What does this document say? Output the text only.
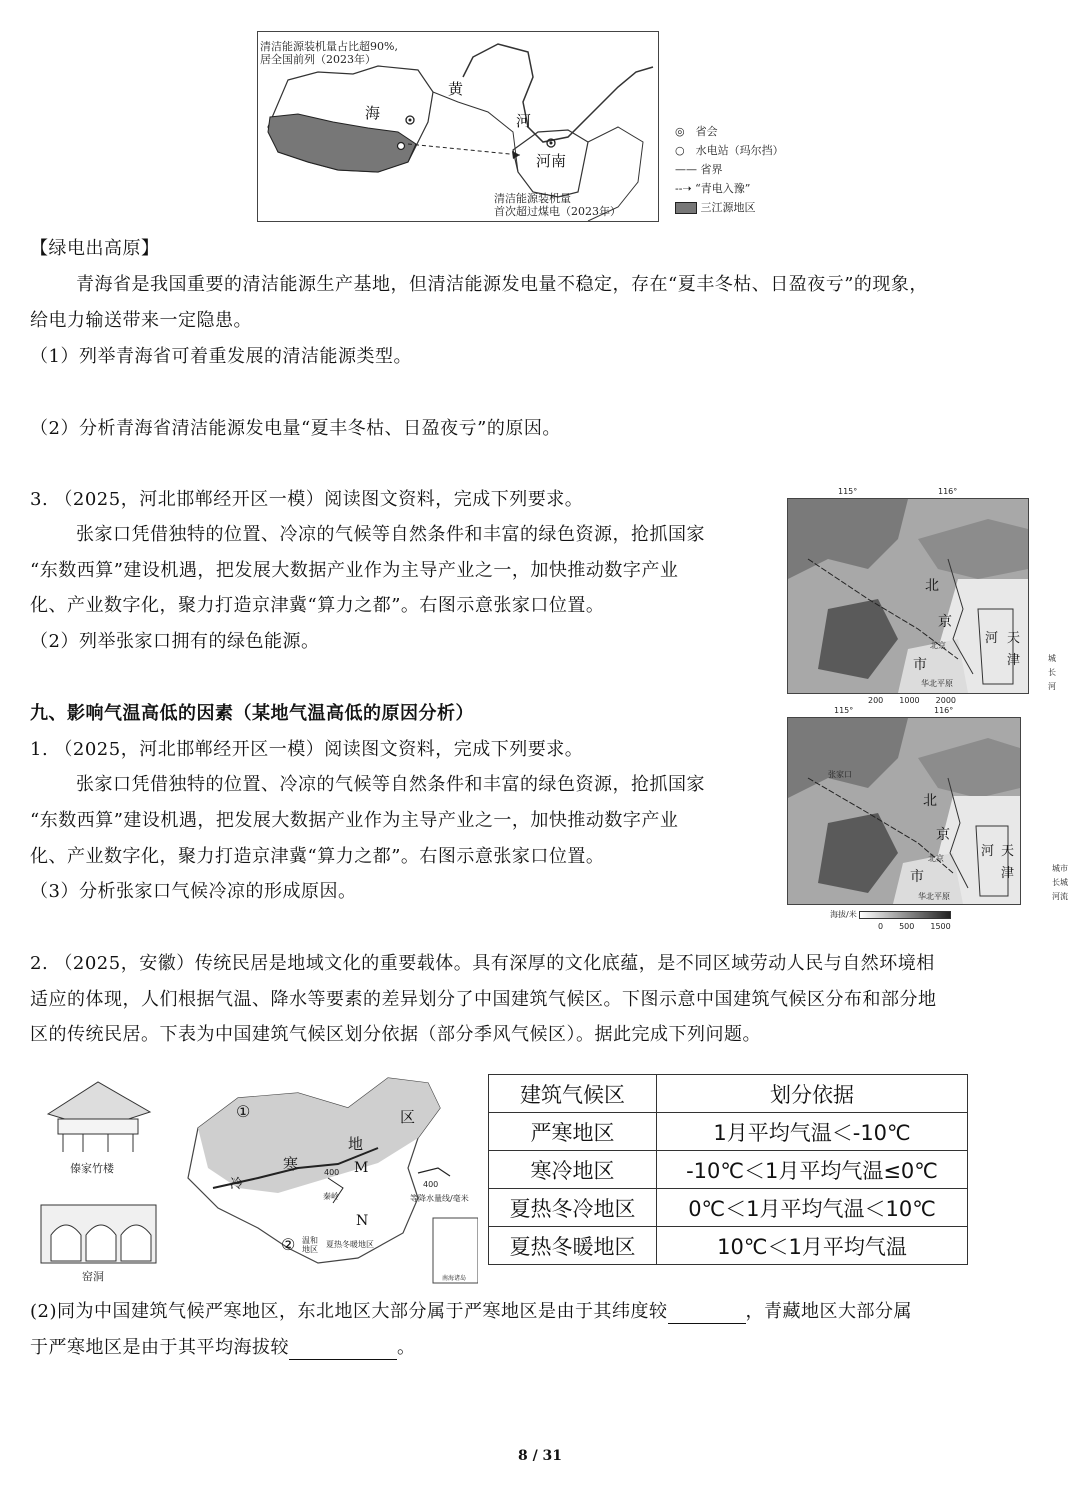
清洁能源装机量占比超90%,
居全国前列（2023年）
清洁能源装机量
首次超过煤电（2023年）
海
黄
河
河南
◎　 省会
○　 水电站（玛尔挡）
—— 省界
--➝ “青电入豫”
三江源地区
【绿电出高原】
青海省是我国重要的清洁能源生产基地，但清洁能源发电量不稳定，存在“夏丰冬枯、日盈夜亏”的现象，
给电力输送带来一定隐患。
（1）列举青海省可着重发展的清洁能源类型。
（2）分析青海省清洁能源发电量“夏丰冬枯、日盈夜亏”的原因。
3. （2025，河北邯郸经开区一模）阅读图文资料，完成下列要求。
张家口凭借独特的位置、冷凉的气候等自然条件和丰富的绿色资源，抢抓国家
“东数西算”建设机遇，把发展大数据产业作为主导产业之一，加快推动数字产业
化、产业数字化，聚力打造京津冀“算力之都”。右图示意张家口位置。
（2）列举张家口拥有的绿色能源。
115°	116°
北
京
市
河 天
津
北京
华北平原
200　　 1000　　 2000
城
长
河
九、影响气温高低的因素（某地气温高低的原因分析）
1. （2025，河北邯郸经开区一模）阅读图文资料，完成下列要求。
张家口凭借独特的位置、冷凉的气候等自然条件和丰富的绿色资源，抢抓国家
“东数西算”建设机遇，把发展大数据产业作为主导产业之一，加快推动数字产业
化、产业数字化，聚力打造京津冀“算力之都”。右图示意张家口位置。
（3）分析张家口气候冷凉的形成原因。
115°	116°
北
京
市
河 天
津
北京
张家口
华北平原
海拔/米
0　　 500　　 1500
城市
长城
河流
2. （2025，安徽）传统民居是地域文化的重要载体。具有深厚的文化底蕴，是不同区域劳动人民与自然环境相
适应的体现，人们根据气温、降水等要素的差异划分了中国建筑气候区。下图示意中国建筑气候区分布和部分地
区的传统民居。下表为中国建筑气候区划分依据（部分季风气候区）。据此完成下列问题。
傣家竹楼
窑洞
①
②
寒
地
区
冷
M
N
秦岭
400
温和地区
夏热冬暖地区
400
等降水量线/毫米
南海诸岛
建筑气候区	划分依据
严寒地区	1月平均气温＜-10℃
寒冷地区	-10℃＜1月平均气温≤0℃
夏热冬冷地区	0℃＜1月平均气温＜10℃
夏热冬暖地区	10℃＜1月平均气温
(2)同为中国建筑气候严寒地区，东北地区大部分属于严寒地区是由于其纬度较	，青藏地区大部分属
于严寒地区是由于其平均海拔较	。
8 / 31
